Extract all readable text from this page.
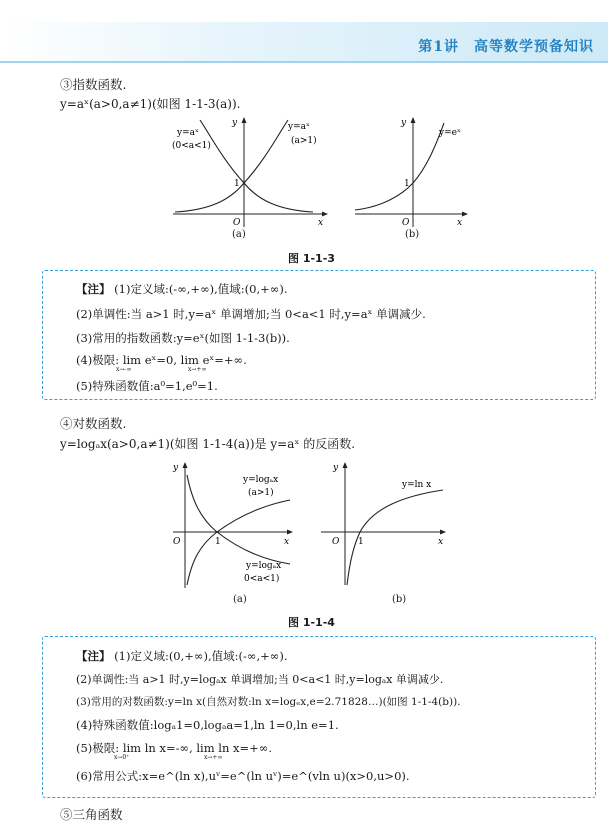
第1讲　高等数学预备知识
③指数函数.
y=aˣ(a>0,a≠1)(如图 1-1-3(a)).
y=aˣ
(0<a<1)
y=aˣ
(a>1)
y
x
O
1
(a)
y=eˣ
y
x
O
1
(b)
图 1-1-3
【注】 (1)定义域:(-∞,+∞),值域:(0,+∞).
(2)单调性:当 a>1 时,y=aˣ 单调增加;当 0<a<1 时,y=aˣ 单调减少.
(3)常用的指数函数:y=eˣ(如图 1-1-3(b)).
(4)极限: lim eˣ=0, lim eˣ=+∞.
x→-∞	x→+∞
(5)特殊函数值:a⁰=1,e⁰=1.
④对数函数.
y=logₐx(a>0,a≠1)(如图 1-1-4(a))是 y=aˣ 的反函数.
y=logₐx
(a>1)
y=logₐx
0<a<1)
y
x
O	1
(a)
y=ln x
y
x
O 1
(b)
图 1-1-4
【注】 (1)定义域:(0,+∞),值域:(-∞,+∞).
(2)单调性:当 a>1 时,y=logₐx 单调增加;当 0<a<1 时,y=logₐx 单调减少.
(3)常用的对数函数:y=ln x(自然对数:ln x=logₑx,e=2.71828…)(如图 1-1-4(b)).
(4)特殊函数值:logₐ1=0,logₐa=1,ln 1=0,ln e=1.
(5)极限: lim ln x=-∞, lim ln x=+∞.
x→0⁺	x→+∞
(6)常用公式:x=e^(ln x),uᵛ=e^(ln uᵛ)=e^(vln u)(x>0,u>0).
⑤三角函数
